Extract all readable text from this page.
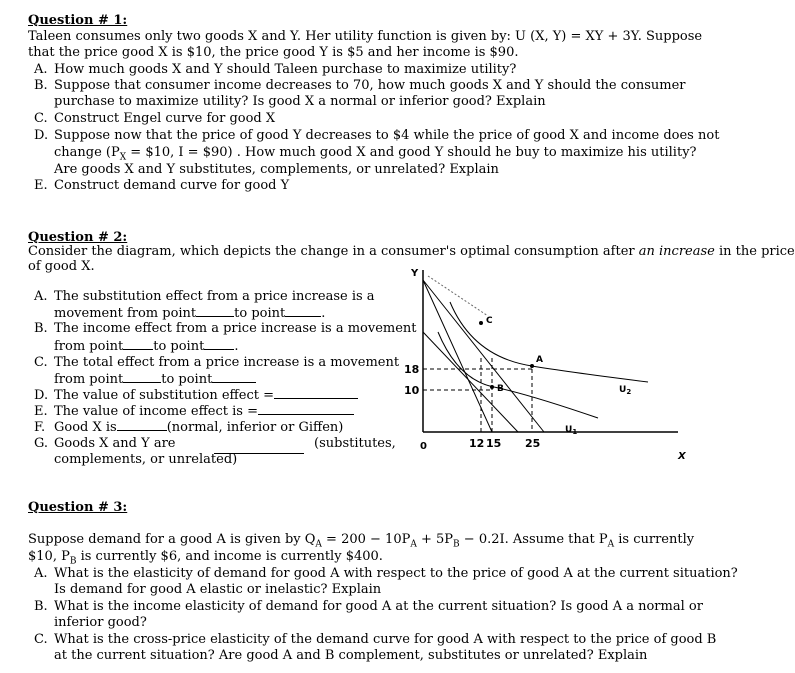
Question # 1:
Taleen consumes only two goods X and Y. Her utility function is given by: U (X, Y) = XY + 3Y. Suppose
that the price good X is $10, the price good Y is $5 and her income is $90.
A. How much goods X and Y should Taleen purchase to maximize utility?
B. Suppose that consumer income decreases to 70, how much goods X and Y should the consumer
purchase to maximize utility? Is good X a normal or inferior good? Explain
C. Construct Engel curve for good X
D. Suppose now that the price of good Y decreases to $4 while the price of good X and income does not
change ($P_X$ = $10, I = $90) . How much good X and good Y should he buy to maximize his utility?
Are goods X and Y substitutes, complements, or unrelated? Explain
E. Construct demand curve for good Y
Question # 2:
Consider the diagram, which depicts the change in a consumer's optimal consumption after an increase in the price
of good X.
A. The substitution effect from a price increase is a
movement from point	to point	.
B. The income effect from a price increase is a movement
from point to point .
C. The total effect from a price increase is a movement
from point	to point
D. The value of substitution effect =
E. The value of income effect is =
F. Good X is	(normal, inferior or Giffen)
G. Goods X and Y are	(substitutes,
complements, or unrelated)
Y
X
$U_2$
$U_1$
A
B
C
18
10
0	12 15 25
Question # 3:
Suppose demand for a good A is given by $Q_A = 200 - 10P_A + 5P_B - 0.2I$. Assume that $P_A$ is currently
$10, $P_B$ is currently $6, and income is currently $400.
A. What is the elasticity of demand for good A with respect to the price of good A at the current situation?
Is demand for good A elastic or inelastic? Explain
B. What is the income elasticity of demand for good A at the current situation? Is good A a normal or
inferior good?
C. What is the cross-price elasticity of the demand curve for good A with respect to the price of good B
at the current situation? Are good A and B complement, substitutes or unrelated? Explain
